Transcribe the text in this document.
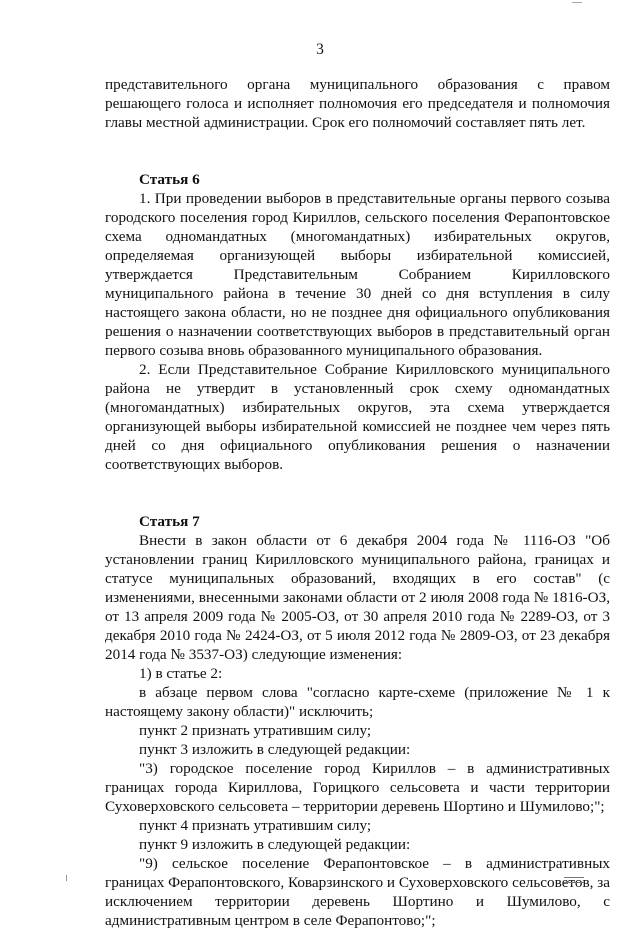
3

представительного органа муниципального образования с правом решающего голоса и исполняет полномочия его председателя и полномочия главы местной администрации. Срок его полномочий составляет пять лет.

Статья 6

1. При проведении выборов в представительные органы первого созыва городского поселения город Кириллов, сельского поселения Ферапонтовское схема одномандатных (многомандатных) избирательных округов, определяемая организующей выборы избирательной комиссией, утверждается Представительным Собранием Кирилловского муниципального района в течение 30 дней со дня вступления в силу настоящего закона области, но не позднее дня официального опубликования решения о назначении соответствующих выборов в представительный орган первого созыва вновь образованного муниципального образования.

2. Если Представительное Собрание Кирилловского муниципального района не утвердит в установленный срок схему одномандатных (многомандатных) избирательных округов, эта схема утверждается организующей выборы избирательной комиссией не позднее чем через пять дней со дня официального опубликования решения о назначении соответствующих выборов.

Статья 7

Внести в закон области от 6 декабря 2004 года № 1116-ОЗ "Об установлении границ Кирилловского муниципального района, границах и статусе муниципальных образований, входящих в его состав" (с изменениями, внесенными законами области от 2 июля 2008 года № 1816-ОЗ, от 13 апреля 2009 года № 2005-ОЗ, от 30 апреля 2010 года № 2289-ОЗ, от 3 декабря 2010 года № 2424-ОЗ, от 5 июля 2012 года № 2809-ОЗ, от 23 декабря 2014 года № 3537-ОЗ) следующие изменения:

1) в статье 2:

в абзаце первом слова "согласно карте-схеме (приложение № 1 к настоящему закону области)" исключить;

пункт 2 признать утратившим силу;

пункт 3 изложить в следующей редакции:

"3) городское поселение город Кириллов – в административных границах города Кириллова, Горицкого сельсовета и части территории Суховерховского сельсовета – территории деревень Шортино и Шумилово;";

пункт 4 признать утратившим силу;

пункт 9 изложить в следующей редакции:

"9) сельское поселение Ферапонтовское – в административных границах Ферапонтовского, Коварзинского и Суховерховского сельсоветов, за исключением территории деревень Шортино и Шумилово, с административным центром в селе Ферапонтово;";
